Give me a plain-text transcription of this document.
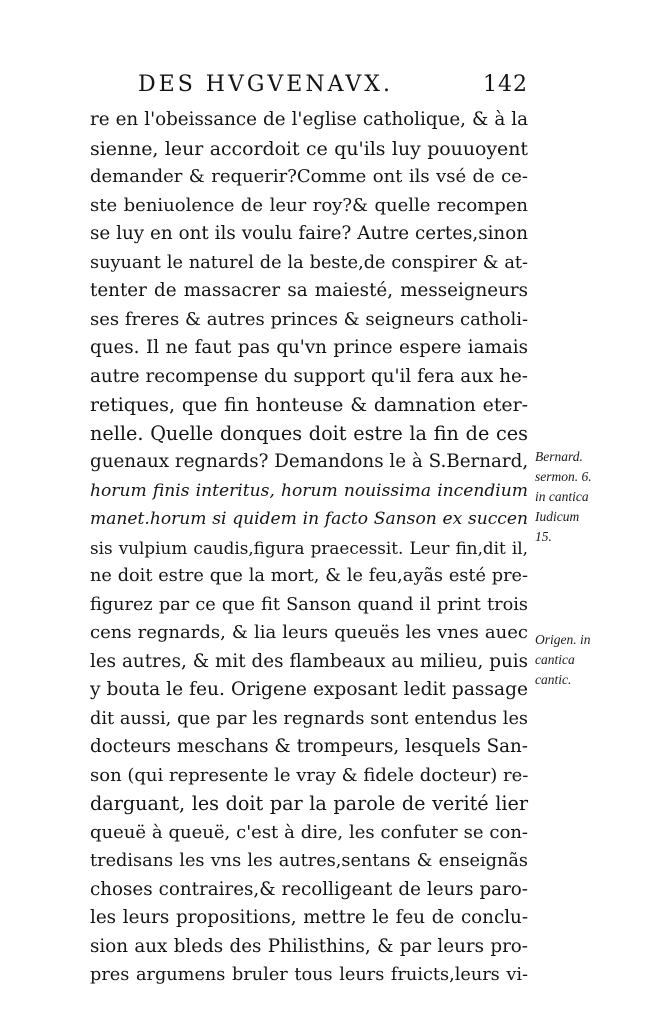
DES HVGVENAVX.	142
re en l'obeissance de l'eglise catholique, & à la
sienne, leur accordoit ce qu'ils luy pouuoyent
demander & requerir?Comme ont ils vsé de ce-
ste beniuolence de leur roy?& quelle recompen
se luy en ont ils voulu faire? Autre certes,sinon
suyuant le naturel de la beste,de conspirer & at-
tenter de massacrer sa maiesté, messeigneurs
ses freres & autres princes & seigneurs catholi-
ques. Il ne faut pas qu'vn prince espere iamais
autre recompense du support qu'il fera aux he-
retiques, que fin honteuse & damnation eter-
nelle. Quelle donques doit estre la fin de ces
guenaux regnards? Demandons le à S.Bernard,
horum finis interitus, horum nouissima incendium
manet.horum si quidem in facto Sanson ex succen
sis vulpium caudis,figura praecessit. Leur fin,dit il,
ne doit estre que la mort, & le feu,ayãs esté pre-
figurez par ce que fit Sanson quand il print trois
cens regnards, & lia leurs queuës les vnes auec
les autres, & mit des flambeaux au milieu, puis
y bouta le feu. Origene exposant ledit passage
dit aussi, que par les regnards sont entendus les
docteurs meschans & trompeurs, lesquels San-
son (qui represente le vray & fidele docteur) re-
darguant, les doit par la parole de verité lier
queuë à queuë, c'est à dire, les confuter se con-
tredisans les vns les autres,sentans & enseignãs
choses contraires,& recolligeant de leurs paro-
les leurs propositions, mettre le feu de conclu-
sion aux bleds des Philisthins, & par leurs pro-
pres argumens bruler tous leurs fruicts,leurs vi-
Bernard.
sermon. 6.
in cantica
Iudicum
15.
Origen. in
cantica
cantic.
